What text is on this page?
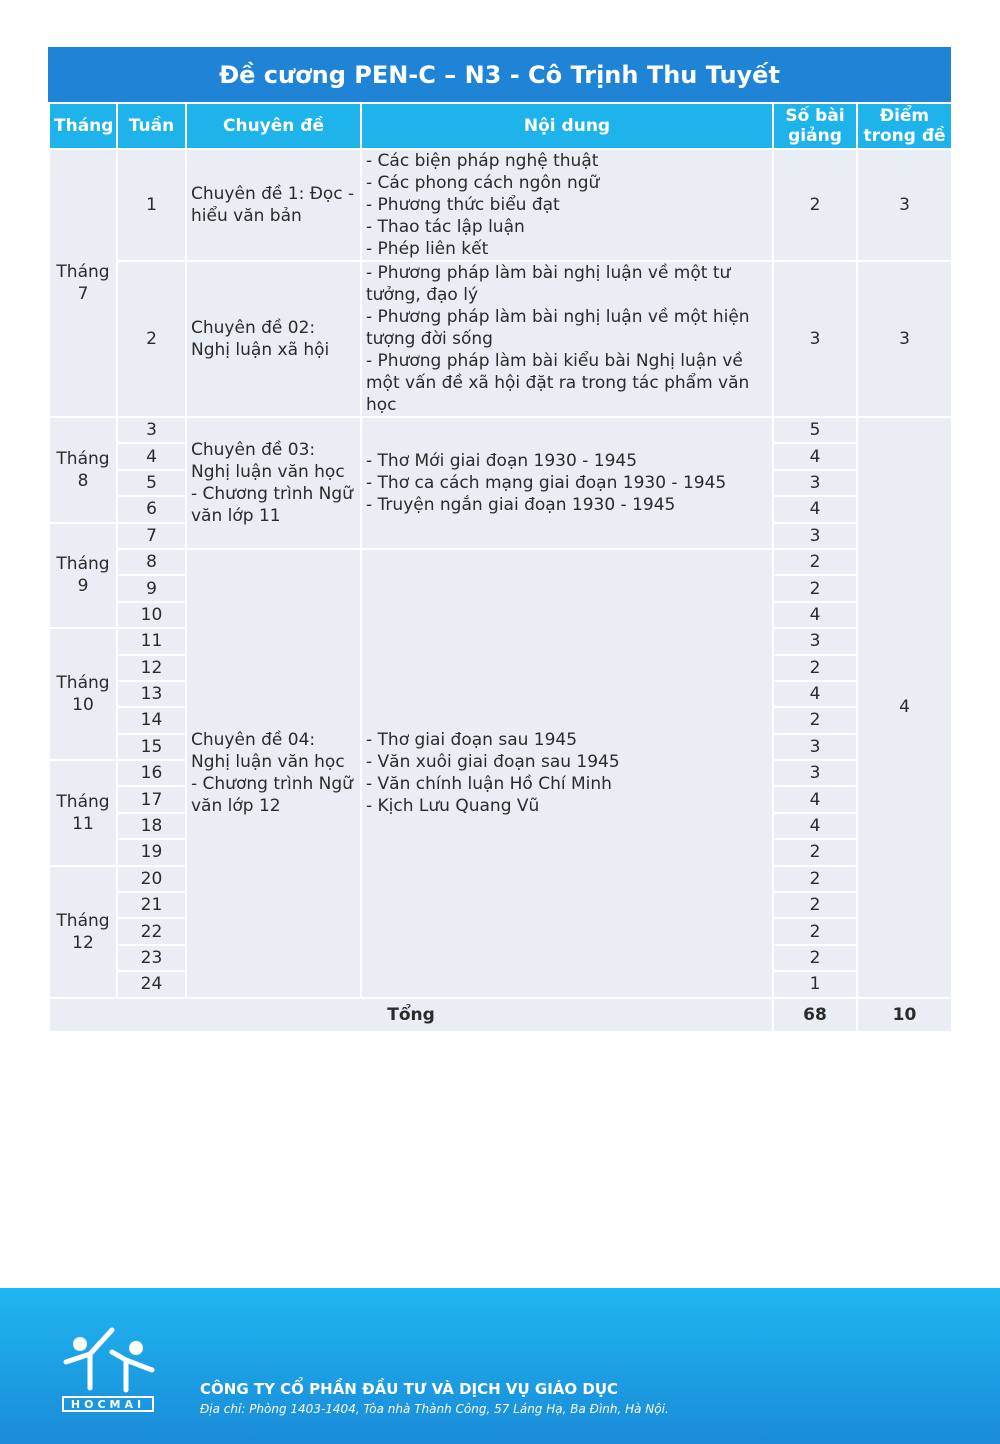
Đề cương PEN-C – N3 - Cô Trịnh Thu Tuyết
Tháng	Tuần	Chuyên đề	Nội dung	Số bài giảng	Điểm trong đề
Tháng 7	1	Chuyên đề 1: Đọc - hiểu văn bản	- Các biện pháp nghệ thuật
- Các phong cách ngôn ngữ
- Phương thức biểu đạt
- Thao tác lập luận
- Phép liên kết	2	3
	2	Chuyên đề 02: Nghị luận xã hội	- Phương pháp làm bài nghị luận về một tư tưởng, đạo lý
- Phương pháp làm bài nghị luận về một hiện tượng đời sống
- Phương pháp làm bài kiểu bài Nghị luận về một vấn đề xã hội đặt ra trong tác phẩm văn học	3	3
Tháng 8	3	Chuyên đề 03: Nghị luận văn học - Chương trình Ngữ văn lớp 11	- Thơ Mới giai đoạn 1930 - 1945
- Thơ ca cách mạng giai đoạn 1930 - 1945
- Truyện ngắn giai đoạn 1930 - 1945	5	4
	4			4	
	5			3	
	6			4	
Tháng 9	7			3	
	8	Chuyên đề 04: Nghị luận văn học - Chương trình Ngữ văn lớp 12	- Thơ giai đoạn sau 1945
- Văn xuôi giai đoạn sau 1945
- Văn chính luận Hồ Chí Minh
- Kịch Lưu Quang Vũ	2	
	9			2	
	10			4	
Tháng 10	11			3	
	12			2	
	13			4	
	14			2	
	15			3	
Tháng 11	16			3	
	17			4	
	18			4	
	19			2	
Tháng 12	20			2	
	21			2	
	22			2	
	23			2	
	24			1	
Tổng				68	10
HOCMAI
CÔNG TY CỔ PHẦN ĐẦU TƯ VÀ DỊCH VỤ GIÁO DỤC
Địa chỉ: Phòng 1403-1404, Tòa nhà Thành Công, 57 Láng Hạ, Ba Đình, Hà Nội.
